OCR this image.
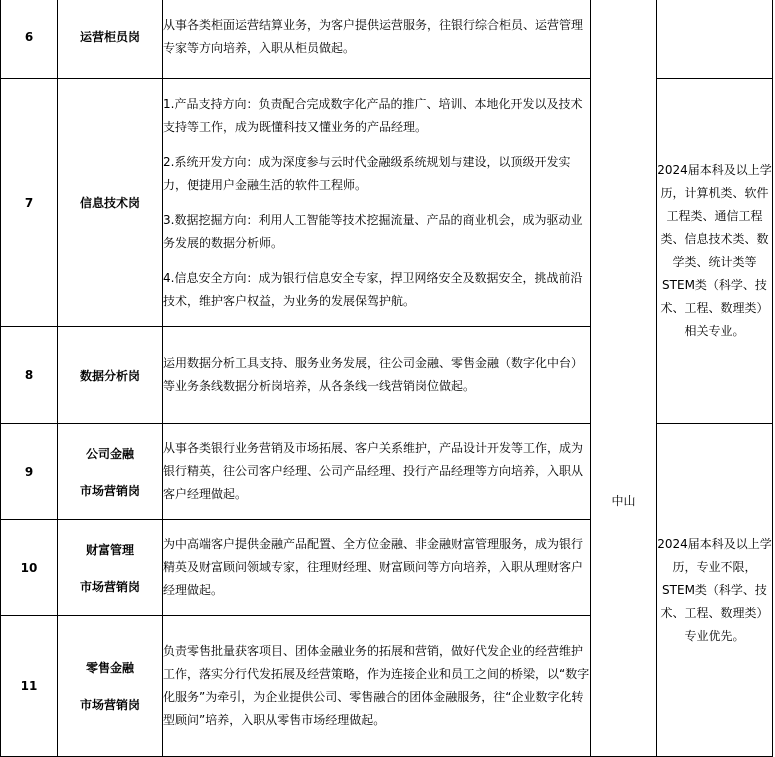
6	运营柜员岗	从事各类柜面运营结算业务，为客户提供运营服务，往银行综合柜员、运营管理专家等方向培养，入职从柜员做起。	中山	
7	信息技术岗	1.产品支持方向：负责配合完成数字化产品的推广、培训、本地化开发以及技术支持等工作，成为既懂科技又懂业务的产品经理。

2.系统开发方向：成为深度参与云时代金融级系统规划与建设，以顶级开发实力，便捷用户金融生活的软件工程师。

3.数据挖掘方向：利用人工智能等技术挖掘流量、产品的商业机会，成为驱动业务发展的数据分析师。

4.信息安全方向：成为银行信息安全专家，捍卫网络安全及数据安全，挑战前沿技术，维护客户权益，为业务的发展保驾护航。		2024届本科及以上学历，计算机类、软件工程类、通信工程类、信息技术类、数学类、统计类等STEM类（科学、技术、工程、数理类）相关专业。
8	数据分析岗	运用数据分析工具支持、服务业务发展，往公司金融、零售金融（数字化中台）等业务条线数据分析岗培养，从各条线一线营销岗位做起。		

9	公司金融
市场营销岗	从事各类银行业务营销及市场拓展、客户关系维护，产品设计开发等工作，成为银行精英，往公司客户经理、公司产品经理、投行产品经理等方向培养，入职从客户经理做起。		2024届本科及以上学历，专业不限，STEM类（科学、技术、工程、数理类）专业优先。
10	财富管理
市场营销岗	为中高端客户提供金融产品配置、全方位金融、非金融财富管理服务，成为银行精英及财富顾问领域专家，往理财经理、财富顾问等方向培养，入职从理财客户经理做起。		

11	零售金融
市场营销岗	负责零售批量获客项目、团体金融业务的拓展和营销，做好代发企业的经营维护工作，落实分行代发拓展及经营策略，作为连接企业和员工之间的桥梁，以“数字化服务”为牵引，为企业提供公司、零售融合的团体金融服务，往“企业数字化转型顾问”培养，入职从零售市场经理做起。		
